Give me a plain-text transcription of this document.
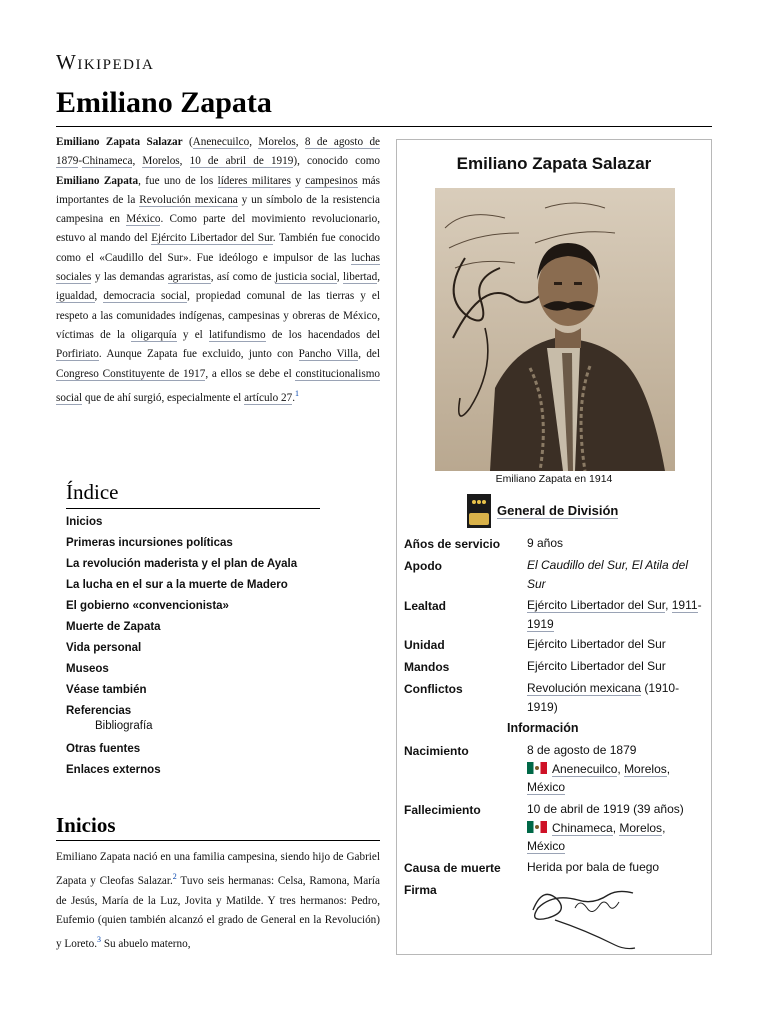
Wikipedia
Emiliano Zapata
Emiliano Zapata Salazar (Anenecuilco, Morelos, 8 de agosto de 1879-Chinameca, Morelos, 10 de abril de 1919), conocido como Emiliano Zapata, fue uno de los líderes militares y campesinos más importantes de la Revolución mexicana y un símbolo de la resistencia campesina en México. Como parte del movimiento revolucionario, estuvo al mando del Ejército Libertador del Sur. También fue conocido como el «Caudillo del Sur». Fue ideólogo e impulsor de las luchas sociales y las demandas agraristas, así como de justicia social, libertad, igualdad, democracia social, propiedad comunal de las tierras y el respeto a las comunidades indígenas, campesinas y obreras de México, víctimas de la oligarquía y el latifundismo de los hacendados del Porfiriato. Aunque Zapata fue excluido, junto con Pancho Villa, del Congreso Constituyente de 1917, a ellos se debe el constitucionalismo social que de ahí surgió, especialmente el artículo 27.$^1$
Emiliano Zapata Salazar
Emiliano Zapata en 1914
General de División
Años de servicio 9 años
Apodo	El Caudillo del Sur, El Atila del Sur
Lealtad	Ejército Libertador del Sur, 1911-1919
Unidad	Ejército Libertador del Sur
Mandos	Ejército Libertador del Sur
Conflictos	Revolución mexicana (1910-1919)
Información
Nacimiento	8 de agosto de 1879
Anenecuilco, Morelos,
México
Fallecimiento	10 de abril de 1919 (39 años)
Chinameca, Morelos,
México
Causa de muerte Herida por bala de fuego
Firma
Índice
Inicios
Primeras incursiones políticas
La revolución maderista y el plan de Ayala
La lucha en el sur a la muerte de Madero
El gobierno «convencionista»
Muerte de Zapata
Vida personal
Museos
Véase también
Referencias
Bibliografía
Otras fuentes
Enlaces externos
Inicios
Emiliano Zapata nació en una familia campesina, siendo hijo de Gabriel Zapata y Cleofas Salazar.$^2$ Tuvo seis hermanas: Celsa, Ramona, María de Jesús, María de la Luz, Jovita y Matilde. Y tres hermanos: Pedro, Eufemio (quien también alcanzó el grado de General en la Revolución) y Loreto.$^3$ Su abuelo materno,
